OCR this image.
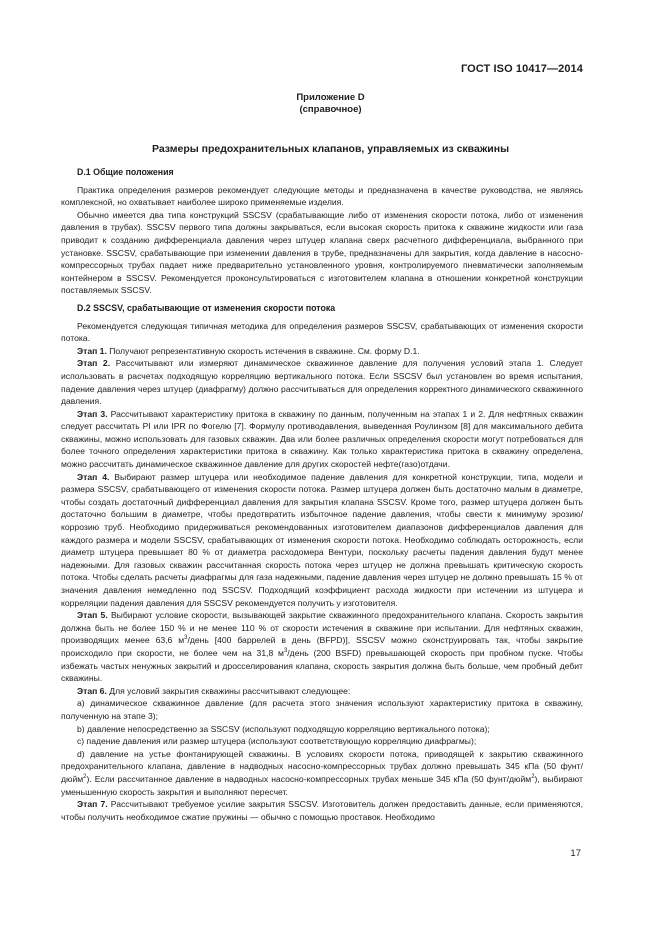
ГОСТ ISO 10417—2014
Приложение D
(справочное)
Размеры предохранительных клапанов, управляемых из скважины
D.1 Общие положения

Практика определения размеров рекомендует следующие методы и предназначена в качестве руководства, не являясь комплексной, но охватывает наиболее широко применяемые изделия.

Обычно имеется два типа конструкций SSCSV (срабатывающие либо от изменения скорости потока, либо от изменения давления в трубах). SSCSV первого типа должны закрываться, если высокая скорость притока к скважине жидкости или газа приводит к созданию дифференциала давления через штуцер клапана сверх расчетного дифференциала, выбранного при установке. SSCSV, срабатывающие при изменении давления в трубе, предназначены для закрытия, когда давление в насосно-компрессорных трубах падает ниже предварительно установленного уровня, контролируемого пневматически заполняемым контейнером в SSCSV. Рекомендуется проконсультироваться с изготовителем клапана в отношении конкретной конструкции поставляемых SSCSV.

D.2 SSCSV, срабатывающие от изменения скорости потока

Рекомендуется следующая типичная методика для определения размеров SSCSV, срабатывающих от изменения скорости потока.

Этап 1. Получают репрезентативную скорость истечения в скважине. См. форму D.1.

Этап 2. Рассчитывают или измеряют динамическое скважинное давление для получения условий этапа 1. Следует использовать в расчетах подходящую корреляцию вертикального потока. Если SSCSV был установлен во время испытания, падение давления через штуцер (диафрагму) должно рассчитываться для определения корректного динамического скважинного давления.

Этап 3. Рассчитывают характеристику притока в скважину по данным, полученным на этапах 1 и 2. Для нефтяных скважин следует рассчитать PI или IPR по Фогелю [7]. Формулу противодавления, выведенная Роулинзом [8] для максимального дебита скважины, можно использовать для газовых скважин. Два или более различных определения скорости могут потребоваться для более точного определения характеристики притока в скважину. Как только характеристика притока в скважину определена, можно рассчитать динамическое скважинное давление для других скоростей нефте(газо)отдачи.

Этап 4. Выбирают размер штуцера или необходимое падение давления для конкретной конструкции, типа, модели и размера SSCSV, срабатывающего от изменения скорости потока. Размер штуцера должен быть достаточно малым в диаметре, чтобы создать достаточный дифференциал давления для закрытия клапана SSCSV. Кроме того, размер штуцера должен быть достаточно большим в диаметре, чтобы предотвратить избыточное падение давления, чтобы свести к минимуму эрозию/коррозию труб. Необходимо придерживаться рекомендованных изготовителем диапазонов дифференциалов давления для каждого размера и модели SSCSV, срабатывающих от изменения скорости потока. Необходимо соблюдать осторожность, если диаметр штуцера превышает 80 % от диаметра расходомера Вентури, поскольку расчеты падения давления будут менее надежными. Для газовых скважин рассчитанная скорость потока через штуцер не должна превышать критическую скорость потока. Чтобы сделать расчеты диафрагмы для газа надежными, падение давления через штуцер не должно превышать 15 % от значения давления немедленно под SSCSV. Подходящий коэффициент расхода жидкости при истечении из штуцера и корреляции падения давления для SSCSV рекомендуется получить у изготовителя.

Этап 5. Выбирают условие скорости, вызывающей закрытие скважинного предохранительного клапана. Скорость закрытия должна быть не более 150 % и не менее 110 % от скорости истечения в скважине при испытании. Для нефтяных скважин, производящих менее 63,6 $м^3$/день [400 баррелей в день (BFPD)], SSCSV можно сконструировать так, чтобы закрытие происходило при скорости, не более чем на 31,8 $м^3$/день (200 BSFD) превышающей скорость при пробном пуске. Чтобы избежать частых ненужных закрытий и дросселирования клапана, скорость закрытия должна быть больше, чем пробный дебит скважины.

Этап 6. Для условий закрытия скважины рассчитывают следующее:

a) динамическое скважинное давление (для расчета этого значения используют характеристику притока в скважину, полученную на этапе 3);

b) давление непосредственно за SSCSV (используют подходящую корреляцию вертикального потока);

c) падение давления или размер штуцера (используют соответствующую корреляцию диафрагмы);

d) давление на устье фонтанирующей скважины. В условиях скорости потока, приводящей к закрытию скважинного предохранительного клапана, давление в надводных насосно-компрессорных трубах должно превышать 345 кПа (50 фунт/дюйм$^2$). Если рассчитанное давление в надводных насосно-компрессорных трубах меньше 345 кПа (50 фунт/дюйм$^2$), выбирают уменьшенную скорость закрытия и выполняют пересчет.

Этап 7. Рассчитывают требуемое усилие закрытия SSCSV. Изготовитель должен предоставить данные, если применяются, чтобы получить необходимое сжатие пружины — обычно с помощью проставок. Необходимо

17
